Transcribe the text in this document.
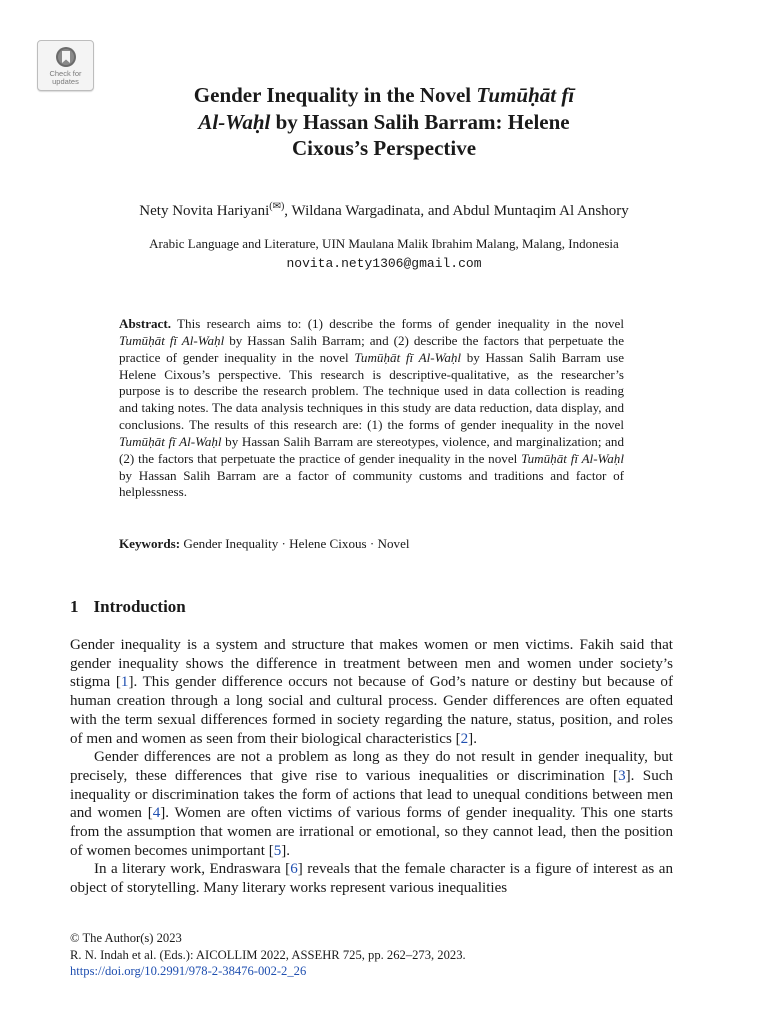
Check for
updates
Gender Inequality in the Novel Tumūḥāt fī
Al-Waḥl by Hassan Salih Barram: Helene
Cixous’s Perspective
Nety Novita Hariyani(✉), Wildana Wargadinata, and Abdul Muntaqim Al Anshory
Arabic Language and Literature, UIN Maulana Malik Ibrahim Malang, Malang, Indonesia
novita.nety1306@gmail.com
Abstract. This research aims to: (1) describe the forms of gender inequality in the novel Tumūḥāt fī Al-Waḥl by Hassan Salih Barram; and (2) describe the factors that perpetuate the practice of gender inequality in the novel Tumūḥāt fī Al-Waḥl by Hassan Salih Barram use Helene Cixous’s perspective. This research is descriptive-qualitative, as the researcher’s purpose is to describe the research problem. The technique used in data collection is reading and taking notes. The data analysis techniques in this study are data reduction, data display, and conclusions. The results of this research are: (1) the forms of gender inequality in the novel Tumūḥāt fī Al-Waḥl by Hassan Salih Barram are stereotypes, violence, and marginalization; and (2) the factors that perpetuate the practice of gender inequality in the novel Tumūḥāt fī Al-Waḥl by Hassan Salih Barram are a factor of community customs and traditions and factor of helplessness.
Keywords: Gender Inequality · Helene Cixous · Novel
1 Introduction

Gender inequality is a system and structure that makes women or men victims. Fakih said that gender inequality shows the difference in treatment between men and women under society’s stigma [1]. This gender difference occurs not because of God’s nature or destiny but because of human creation through a long social and cultural process. Gender differences are often equated with the term sexual differences formed in society regarding the nature, status, position, and roles of men and women as seen from their biological characteristics [2].

Gender differences are not a problem as long as they do not result in gender inequality, but precisely, these differences that give rise to various inequalities or discrimination [3]. Such inequality or discrimination takes the form of actions that lead to unequal conditions between men and women [4]. Women are often victims of various forms of gender inequality. This one starts from the assumption that women are irrational or emotional, so they cannot lead, then the position of women becomes unimportant [5].

In a literary work, Endraswara [6] reveals that the female character is a figure of interest as an object of storytelling. Many literary works represent various inequalities

© The Author(s) 2023
R. N. Indah et al. (Eds.): AICOLLIM 2022, ASSEHR 725, pp. 262–273, 2023.
https://doi.org/10.2991/978-2-38476-002-2_26
